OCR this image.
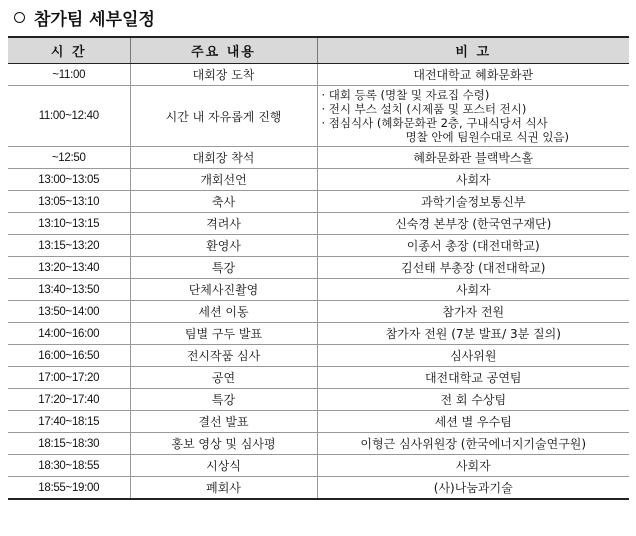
참가팀 세부일정
시 간	주요 내용	비 고
~11:00	대회장 도착	대전대학교 혜화문화관
11:00~12:40	시간 내 자유롭게 진행	· 대회 등록 (명찰 및 자료집 수령)
· 전시 부스 설치 (시제품 및 포스터 전시)
· 점심식사 (혜화문화관 2층, 구내식당서 식사
명찰 안에 팀원수대로 식권 있음)

~12:50	대회장 착석	혜화문화관 블랙박스홀
13:00~13:05	개회선언	사회자
13:05~13:10	축사	과학기술정보통신부
13:10~13:15	격려사	신숙경 본부장 (한국연구재단)
13:15~13:20	환영사	이종서 총장 (대전대학교)
13:20~13:40	특강	김선태 부총장 (대전대학교)
13:40~13:50	단체사진촬영	사회자
13:50~14:00	세션 이동	참가자 전원
14:00~16:00	팀별 구두 발표	참가자 전원 (7분 발표/ 3분 질의)
16:00~16:50	전시작품 심사	심사위원
17:00~17:20	공연	대전대학교 공연팀
17:20~17:40	특강	전 회 수상팀
17:40~18:15	결선 발표	세션 별 우수팀
18:15~18:30	홍보 영상 및 심사평	이형근 심사위원장 (한국에너지기술연구원)
18:30~18:55	시상식	사회자
18:55~19:00	폐회사	(사)나눔과기술
